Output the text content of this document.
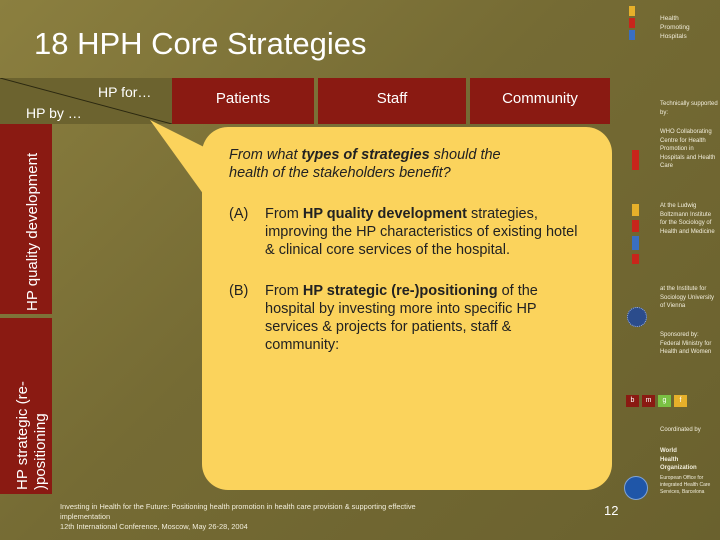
Health
Promoting
Hospitals
18 HPH Core Strategies
HP for…
HP by …
Patients	Staff	Community
HP quality development
HP strategic (re- )positioning
From what types of strategies should the health of the stakeholders benefit?
(A)	From HP quality development strategies, improving the HP characteristics of existing hotel & clinical core services of the hospital.
(B)	From HP strategic (re-)positioning of the hospital by investing more into specific HP services & projects for patients, staff & community:
Technically supported by:
WHO Collaborating Centre for Health Promotion in Hospitals and Health Care
At the Ludwig Boltzmann Institute for the Sociology of Health and Medicine
at the Institute for Sociology University of Vienna
Sponsored by: Federal Ministry for Health and Women
b	m	g	f
Coordinated by
World
Health
Organization
European Office for integrated Health Care Services, Barcelona
Investing in Health for the Future: Positioning health promotion in health care provision & supporting effective implementation
12th International Conference, Moscow, May 26-28, 2004
12
